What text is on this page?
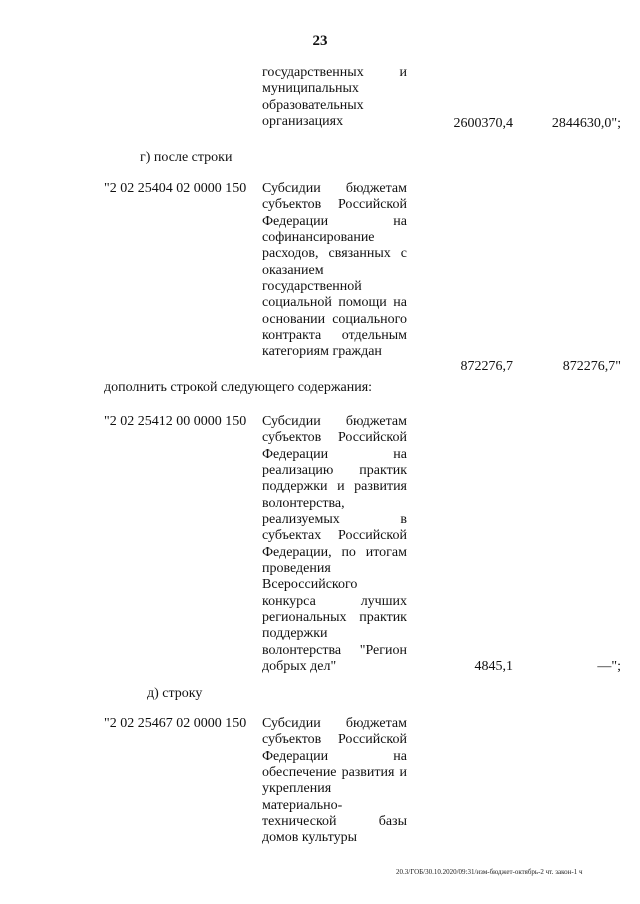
23
государственных и муниципальных образовательных организациях	2600370,4	2844630,0";
г) после строки
"2 02 25404 02 0000 150 Субсидии бюджетам субъектов Российской Федерации на софинансирование расходов, связанных с оказанием государственной социальной помощи на основании социального контракта отдельным категориям граждан
872276,7	872276,7"
дополнить строкой следующего содержания:
"2 02 25412 00 0000 150 Субсидии бюджетам субъектов Российской Федерации на реализацию практик поддержки и развития волонтерства, реализуемых в субъектах Российской Федерации, по итогам проведения Всероссийского конкурса лучших региональных практик поддержки волонтерства "Регион добрых дел"	4845,1	—";
д) строку
"2 02 25467 02 0000 150 Субсидии бюджетам субъектов Российской Федерации на обеспечение развития и укрепления материально-технической базы домов культуры
20.3/ГОБ/30.10.2020/09:31/изм-бюджет-октябрь-2 чт. закон-1 ч
